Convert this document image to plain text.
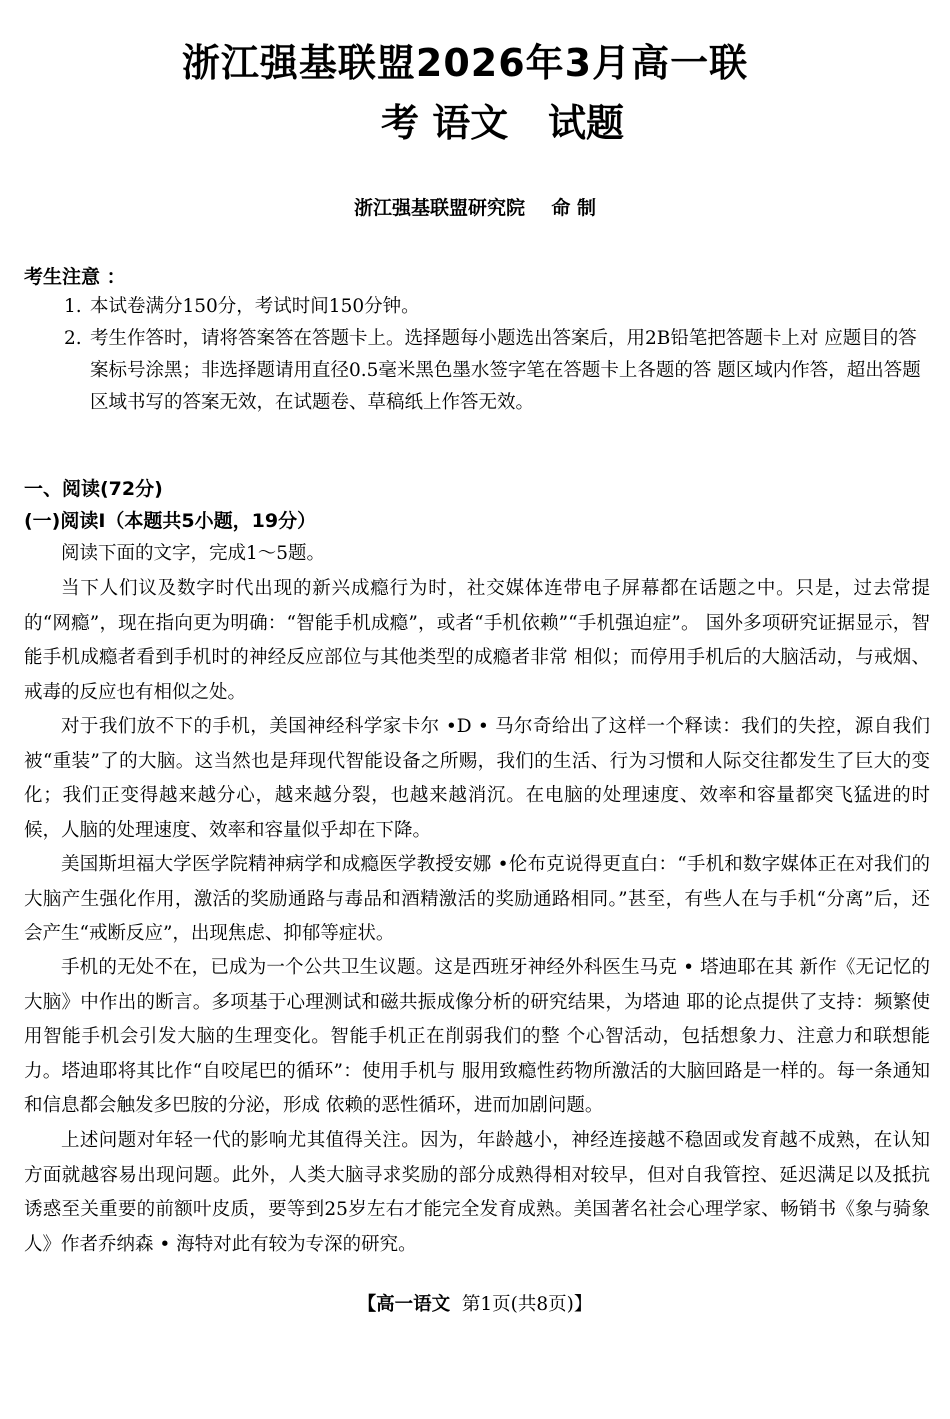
浙江强基联盟2026年3月高一联
考 语文   试题
浙江强基联盟研究院    命 制
考生注意 ：
1. 本试卷满分150分，考试时间150分钟。
2. 考生作答时，请将答案答在答题卡上。选择题每小题选出答案后，用2B铅笔把答题卡上对 应题目的答案标号涂黑；非选择题请用直径0.5毫米黑色墨水签字笔在答题卡上各题的答 题区域内作答，超出答题区域书写的答案无效，在试题卷、草稿纸上作答无效。
一、阅读(72分)
(一)阅读Ⅰ（本题共5小题，19分）

阅读下面的文字，完成1～5题。

当下人们议及数字时代出现的新兴成瘾行为时，社交媒体连带电子屏幕都在话题之中。只是，过去常提的“网瘾”，现在指向更为明确：“智能手机成瘾”，或者“手机依赖”“手机强迫症”。 国外多项研究证据显示，智能手机成瘾者看到手机时的神经反应部位与其他类型的成瘾者非常 相似；而停用手机后的大脑活动，与戒烟、戒毒的反应也有相似之处。

对于我们放不下的手机，美国神经科学家卡尔 •D • 马尔奇给出了这样一个释读：我们的失控，源自我们被“重装”了的大脑。这当然也是拜现代智能设备之所赐，我们的生活、行为习惯和人际交往都发生了巨大的变化；我们正变得越来越分心，越来越分裂，也越来越消沉。在电脑的处理速度、效率和容量都突飞猛进的时候，人脑的处理速度、效率和容量似乎却在下降。

美国斯坦福大学医学院精神病学和成瘾医学教授安娜 •伦布克说得更直白：“手机和数字媒体正在对我们的大脑产生强化作用，激活的奖励通路与毒品和酒精激活的奖励通路相同。”甚至，有些人在与手机“分离”后，还会产生“戒断反应”，出现焦虑、抑郁等症状。

手机的无处不在，已成为一个公共卫生议题。这是西班牙神经外科医生马克 • 塔迪耶在其 新作《无记忆的大脑》中作出的断言。多项基于心理测试和磁共振成像分析的研究结果，为塔迪 耶的论点提供了支持：频繁使用智能手机会引发大脑的生理变化。智能手机正在削弱我们的整 个心智活动，包括想象力、注意力和联想能力。塔迪耶将其比作“自咬尾巴的循环”：使用手机与 服用致瘾性药物所激活的大脑回路是一样的。每一条通知和信息都会触发多巴胺的分泌，形成 依赖的恶性循环，进而加剧问题。

上述问题对年轻一代的影响尤其值得关注。因为，年龄越小，神经连接越不稳固或发育越不成熟，在认知方面就越容易出现问题。此外，人类大脑寻求奖励的部分成熟得相对较早，但对自我管控、延迟满足以及抵抗诱惑至关重要的前额叶皮质，要等到25岁左右才能完全发育成熟。美国著名社会心理学家、畅销书《象与骑象人》作者乔纳森 • 海特对此有较为专深的研究。

【高一语文  第1页(共8页)】
